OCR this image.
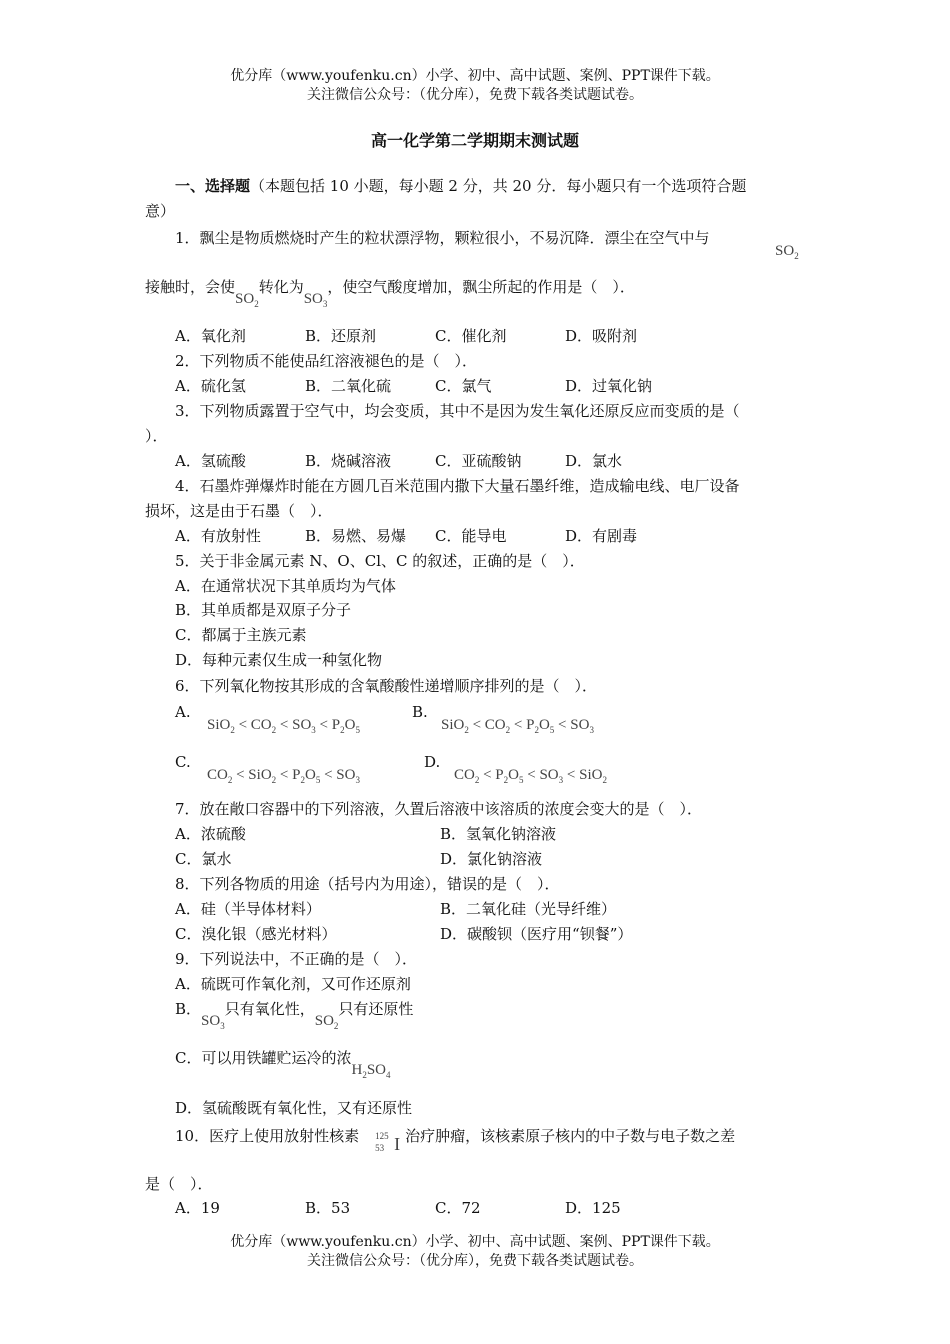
优分库（www.youfenku.cn）小学、初中、高中试题、案例、PPT课件下载。
关注微信公众号：（优分库），免费下载各类试题试卷。
高一化学第二学期期末测试题
一、选择题（本题包括 10 小题，每小题 2 分，共 20 分．每小题只有一个选项符合题
意）
1．飘尘是物质燃烧时产生的粒状漂浮物，颗粒很小，不易沉降．漂尘在空气中与
$SO_2$
接触时，会使$SO_2$转化为$SO_3$，使空气酸度增加，飘尘所起的作用是（　）．
A．氧化剂	B．还原剂	C．催化剂	D．吸附剂
2．下列物质不能使品红溶液褪色的是（　）．
A．硫化氢	B．二氧化硫	C．氯气	D．过氧化钠
3．下列物质露置于空气中，均会变质，其中不是因为发生氧化还原反应而变质的是（
）．
A．氢硫酸	B．烧碱溶液	C．亚硫酸钠	D．氯水
4．石墨炸弹爆炸时能在方圆几百米范围内撒下大量石墨纤维，造成输电线、电厂设备
损坏，这是由于石墨（　）．
A．有放射性	B．易燃、易爆 C．能导电	D．有剧毒
5．关于非金属元素 N、O、Cl、C 的叙述，正确的是（　）．
A．在通常状况下其单质均为气体
B．其单质都是双原子分子
C．都属于主族元素
D．每种元素仅生成一种氢化物
6．下列氧化物按其形成的含氧酸酸性递增顺序排列的是（　）．
A.
$SiO_2 < CO_2 < SO_3 < P_2O_5$
B.
$SiO_2 < CO_2 < P_2O_5 < SO_3$
C.
$CO_2 < SiO_2 < P_2O_5 < SO_3$
D.
$CO_2 < P_2O_5 < SO_3 < SiO_2$
7．放在敞口容器中的下列溶液，久置后溶液中该溶质的浓度会变大的是（　）．
A．浓硫酸	B．氢氧化钠溶液
C．氯水	D．氯化钠溶液
8．下列各物质的用途（括号内为用途），错误的是（　）．
A．硅（半导体材料）	B．二氧化硅（光导纤维）
C．溴化银（感光材料）	D．碳酸钡（医疗用“钡餐”）
9．下列说法中，不正确的是（　）．
A．硫既可作氧化剂，又可作还原剂
B．$SO_3$只有氧化性，$SO_2$只有还原性
C．可以用铁罐贮运冷的浓$H_2SO_4$
D．氢硫酸既有氧化性，又有还原性
10．医疗上使用放射性核素 125
53 I 治疗肿瘤，该核素原子核内的中子数与电子数之差
是（　）．
A．19	B．53	C．72	D．125
优分库（www.youfenku.cn）小学、初中、高中试题、案例、PPT课件下载。
关注微信公众号：（优分库），免费下载各类试题试卷。
